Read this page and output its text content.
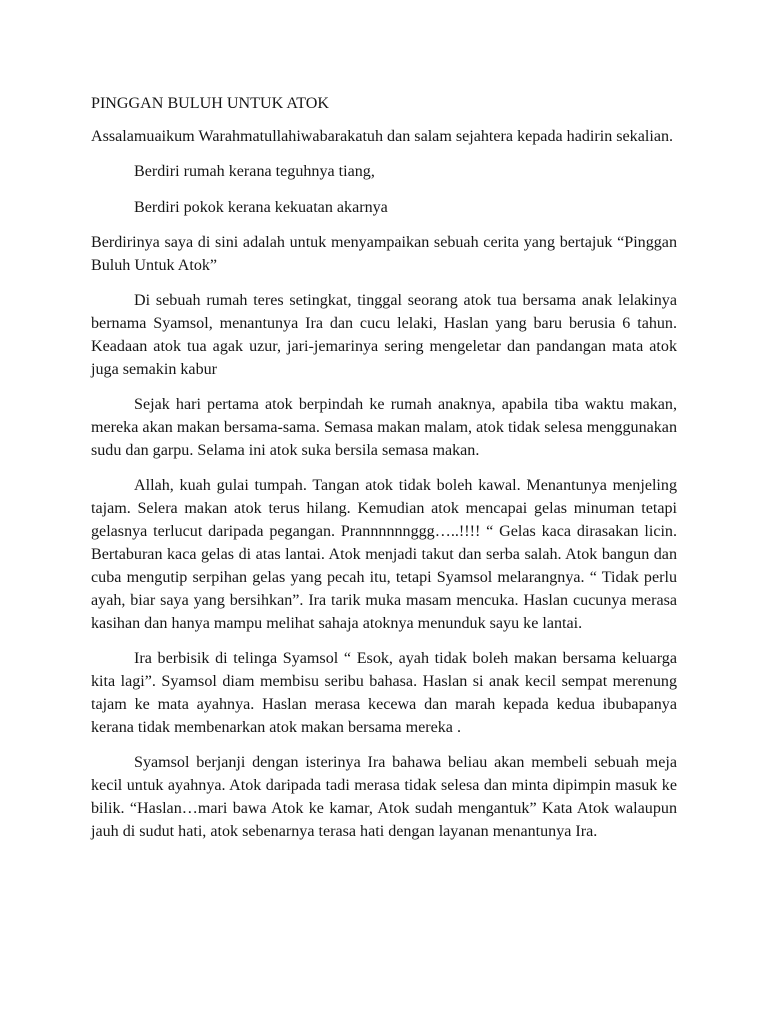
PINGGAN BULUH UNTUK ATOK

Assalamuaikum Warahmatullahiwabarakatuh dan salam sejahtera kepada hadirin sekalian.

Berdiri rumah kerana teguhnya tiang,

Berdiri pokok kerana kekuatan akarnya

Berdirinya saya di sini adalah untuk menyampaikan sebuah cerita yang bertajuk “Pinggan Buluh Untuk Atok”

Di sebuah rumah teres setingkat, tinggal seorang atok tua bersama anak lelakinya bernama Syamsol, menantunya Ira dan cucu lelaki, Haslan yang baru berusia 6 tahun. Keadaan atok tua agak uzur, jari-jemarinya sering mengeletar dan pandangan mata atok juga semakin kabur

Sejak hari pertama atok berpindah ke rumah anaknya, apabila tiba waktu makan, mereka akan makan bersama-sama. Semasa makan malam, atok tidak selesa menggunakan sudu dan garpu. Selama ini atok suka bersila semasa makan.

Allah, kuah gulai tumpah. Tangan atok tidak boleh kawal. Menantunya menjeling tajam. Selera makan atok terus hilang. Kemudian atok mencapai gelas minuman tetapi gelasnya terlucut daripada pegangan. Prannnnnnggg…..!!!! “ Gelas kaca dirasakan licin. Bertaburan kaca gelas di atas lantai. Atok menjadi takut dan serba salah. Atok bangun dan cuba mengutip serpihan gelas yang pecah itu, tetapi Syamsol melarangnya. “ Tidak perlu ayah, biar saya yang bersihkan”. Ira tarik muka masam mencuka. Haslan cucunya merasa kasihan dan hanya mampu melihat sahaja atoknya menunduk sayu ke lantai.

Ira berbisik di telinga Syamsol “ Esok, ayah tidak boleh makan bersama keluarga kita lagi”. Syamsol diam membisu seribu bahasa. Haslan si anak kecil sempat merenung tajam ke mata ayahnya. Haslan merasa kecewa dan marah kepada kedua ibubapanya kerana tidak membenarkan atok makan bersama mereka .

Syamsol berjanji dengan isterinya Ira bahawa beliau akan membeli sebuah meja kecil untuk ayahnya. Atok daripada tadi merasa tidak selesa dan minta dipimpin masuk ke bilik. “Haslan…mari bawa Atok ke kamar, Atok sudah mengantuk” Kata Atok walaupun jauh di sudut hati, atok sebenarnya terasa hati dengan layanan menantunya Ira.
